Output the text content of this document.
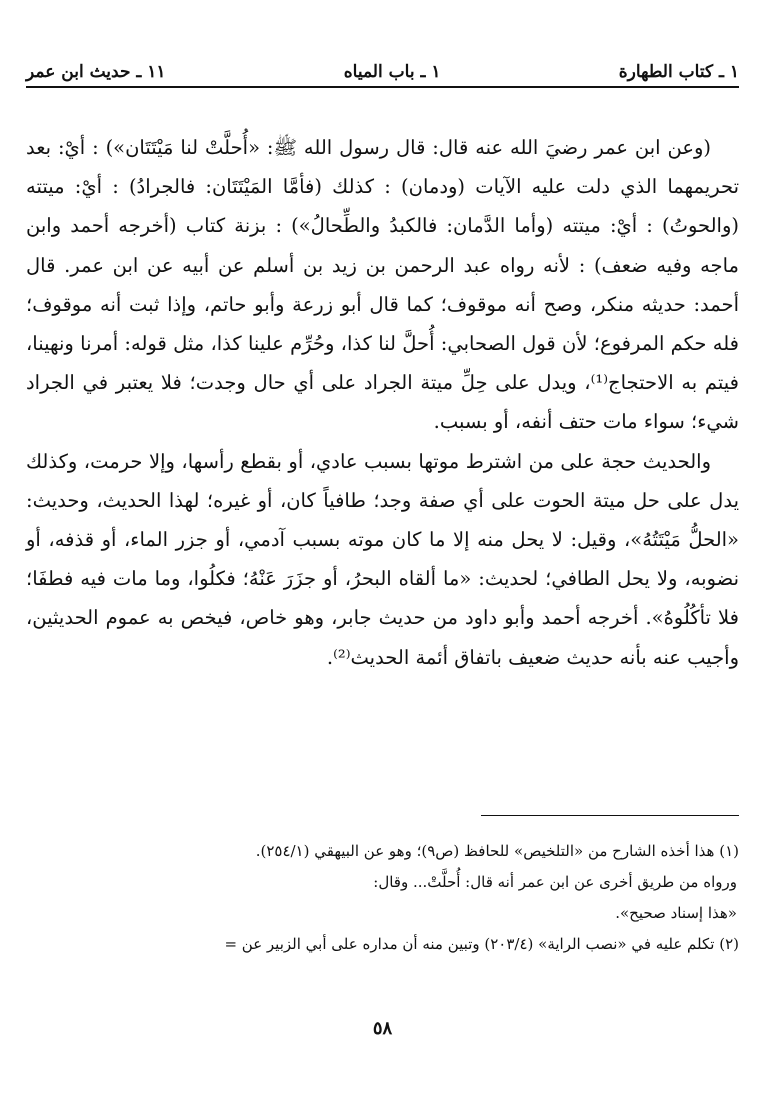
١ ـ كتاب الطهارة
١ ـ باب المياه
١١ ـ حديث ابن عمر

(وعن ابن عمر رضيَ الله عنه قال: قال رسول الله ﷺ: «أُحلَّتْ لنا مَيْتَتَان») : أيْ: بعد تحريمهما الذي دلت عليه الآيات (ودمان) : كذلك (فأمَّا المَيْتَتَان: فالجرادُ) : أيْ: ميتته (والحوتُ) : أيْ: ميتته (وأما الدَّمان: فالكبدُ والطِّحالُ») : بزنة كتاب (أخرجه أحمد وابن ماجه وفيه ضعف) : لأنه رواه عبد الرحمن بن زيد بن أسلم عن أبيه عن ابن عمر. قال أحمد: حديثه منكر، وصح أنه موقوف؛ كما قال أبو زرعة وأبو حاتم، وإذا ثبت أنه موقوف؛ فله حكم المرفوع؛ لأن قول الصحابي: أُحلَّ لنا كذا، وحُرِّم علينا كذا، مثل قوله: أمرنا ونهينا، فيتم به الاحتجاج⁽¹⁾، ويدل على حِلِّ ميتة الجراد على أي حال وجدت؛ فلا يعتبر في الجراد شيء؛ سواء مات حتف أنفه، أو بسبب.

والحديث حجة على من اشترط موتها بسبب عادي، أو بقطع رأسها، وإلا حرمت، وكذلك يدل على حل ميتة الحوت على أي صفة وجد؛ طافياً كان، أو غيره؛ لهذا الحديث، وحديث: «الحلُّ مَيْتَتُهُ»، وقيل: لا يحل منه إلا ما كان موته بسبب آدمي، أو جزر الماء، أو قذفه، أو نضوبه، ولا يحل الطافي؛ لحديث: «ما ألقاه البحرُ، أو جزَرَ عَنْهُ؛ فكلُوا، وما مات فيه فطفَا؛ فلا تأكُلُوهُ». أخرجه أحمد وأبو داود من حديث جابر، وهو خاص، فيخص به عموم الحديثين، وأجيب عنه بأنه حديث ضعيف باتفاق أئمة الحديث⁽²⁾.

(١) هذا أخذه الشارح من «التلخيص» للحافظ (ص٩)؛ وهو عن البيهقي (٢٥٤/١).

ورواه من طريق أخرى عن ابن عمر أنه قال: أُحلَّتْ... وقال:

«هذا إسناد صحيح».

(٢) تكلم عليه في «نصب الراية» (٢٠٣/٤) وتبين منه أن مداره على أبي الزبير عن =

٥٨
